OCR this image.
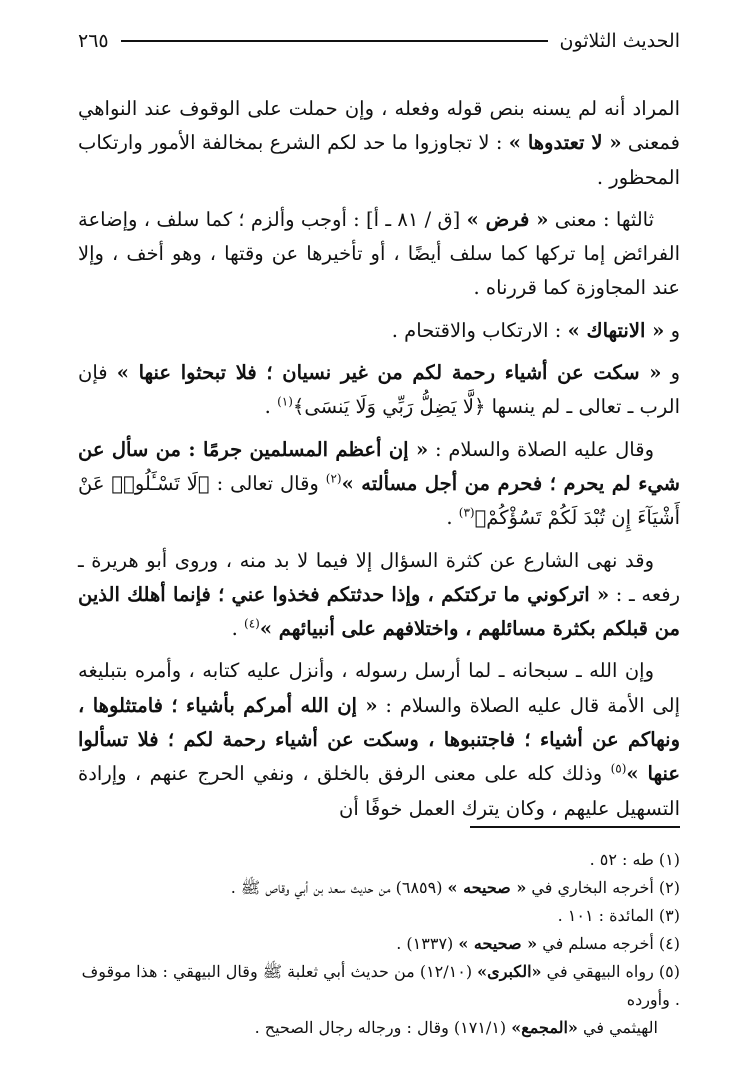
الحديث الثلاثون
٢٦٥

المراد أنه لم يسنه بنص قوله وفعله ، وإن حملت على الوقوف عند النواهي فمعنى « لا تعتدوها » : لا تجاوزوا ما حد لكم الشرع بمخالفة الأمور وارتكاب المحظور .

ثالثها : معنى « فرض » [ق / ٨١ ـ أ] : أوجب وألزم ؛ كما سلف ، وإضاعة الفرائض إما تركها كما سلف أيضًا ، أو تأخيرها عن وقتها ، وهو أخف ، وإلا عند المجاوزة كما قررناه .

و « الانتهاك » : الارتكاب والاقتحام .

و « سكت عن أشياء رحمة لكم من غير نسيان ؛ فلا تبحثوا عنها » فإن الرب ـ تعالى ـ لم ينسها ﴿لَّا يَضِلُّ رَبِّي وَلَا يَنسَى﴾$^{(١)}$ .

وقال عليه الصلاة والسلام : « إن أعظم المسلمين جرمًا : من سأل عن شيء لم يحرم ؛ فحرم من أجل مسألته »$^{(٢)}$ وقال تعالى : ﴿لَا تَسْـَٔلُوا۟ عَنْ أَشْيَآءَ إِن تُبْدَ لَكُمْ تَسُؤْكُمْ﴾$^{(٣)}$ .

وقد نهى الشارع عن كثرة السؤال إلا فيما لا بد منه ، وروى أبو هريرة ـ رفعه ـ : « اتركوني ما تركتكم ، وإذا حدثتكم فخذوا عني ؛ فإنما أهلك الذين من قبلكم بكثرة مسائلهم ، واختلافهم على أنبيائهم »$^{(٤)}$ .

وإن الله ـ سبحانه ـ لما أرسل رسوله ، وأنزل عليه كتابه ، وأمره بتبليغه إلى الأمة قال عليه الصلاة والسلام : « إن الله أمركم بأشياء ؛ فامتثلوها ، ونهاكم عن أشياء ؛ فاجتنبوها ، وسكت عن أشياء رحمة لكم ؛ فلا تسألوا عنها »$^{(٥)}$ وذلك كله على معنى الرفق بالخلق ، ونفي الحرج عنهم ، وإرادة التسهيل عليهم ، وكان يترك العمل خوفًا أن

(١) طه : ٥٢ .
(٢) أخرجه البخاري في « صحيحه » (٦٨٥٩) من حديث سعد بن أبي وقاص ﷺ .
(٣) المائدة : ١٠١ .
(٤) أخرجه مسلم في « صحيحه » (١٣٣٧) .
(٥) رواه البيهقي في «الكبرى» (١٢/١٠) من حديث أبي ثعلبة ﷺ وقال البيهقي : هذا موقوف . وأورده
الهيثمي في «المجمع» (١٧١/١) وقال : ورجاله رجال الصحيح .
